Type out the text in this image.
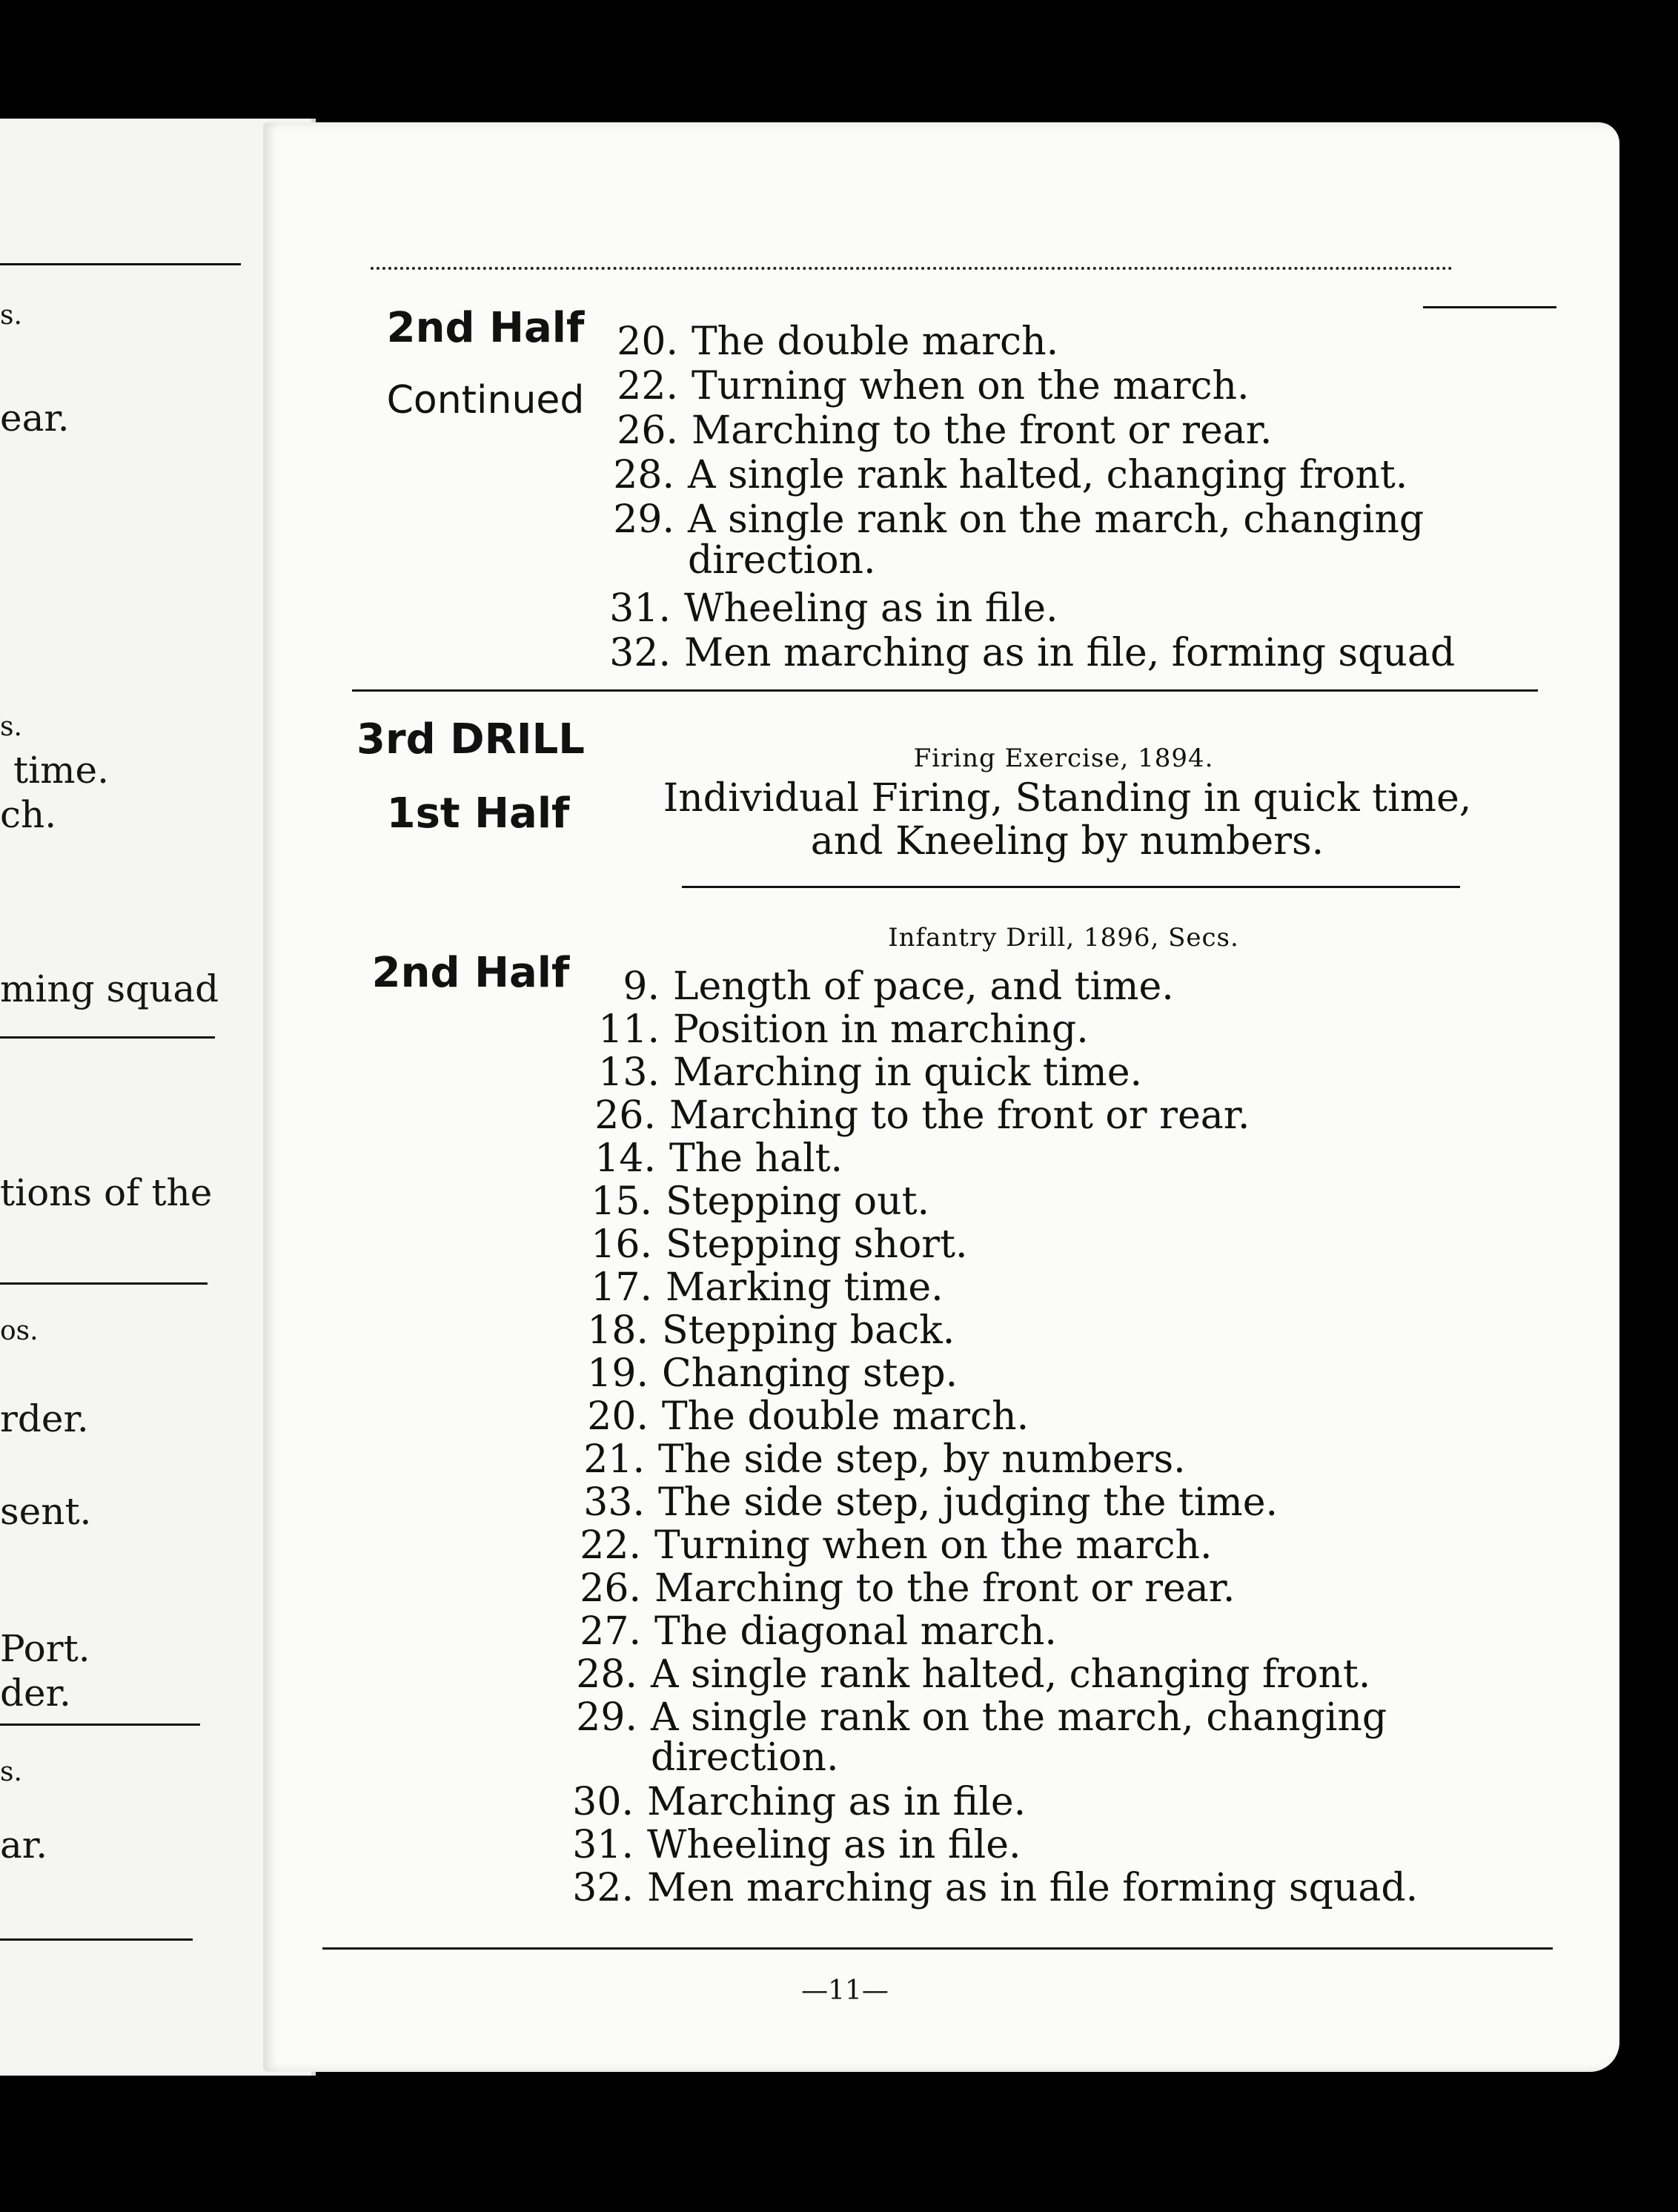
s.
ear.
s.
time.
ch.
ming squad
tions of the
os.
rder.
sent.
Port.
der.
s.
ar.
2nd Half
Continued
20. The double march.
22. Turning when on the march.
26. Marching to the front or rear.
28. A single rank halted, changing front.
29. A single rank on the march, changing
direction.
31. Wheeling as in file.
32. Men marching as in file, forming squad
3rd DRILL
1st Half
Firing Exercise, 1894.
Individual Firing, Standing in quick time, and Kneeling by numbers.
Infantry Drill, 1896, Secs.
2nd Half	9. Length of pace, and time.
11. Position in marching.
13. Marching in quick time.
26. Marching to the front or rear.
14. The halt.
15. Stepping out.
16. Stepping short.
17. Marking time.
18. Stepping back.
19. Changing step.
20. The double march.
21. The side step, by numbers.
33. The side step, judging the time.
22. Turning when on the march.
26. Marching to the front or rear.
27. The diagonal march.
28. A single rank halted, changing front.
29. A single rank on the march, changing
direction.
30. Marching as in file.
31. Wheeling as in file.
32. Men marching as in file forming squad.
—11—
